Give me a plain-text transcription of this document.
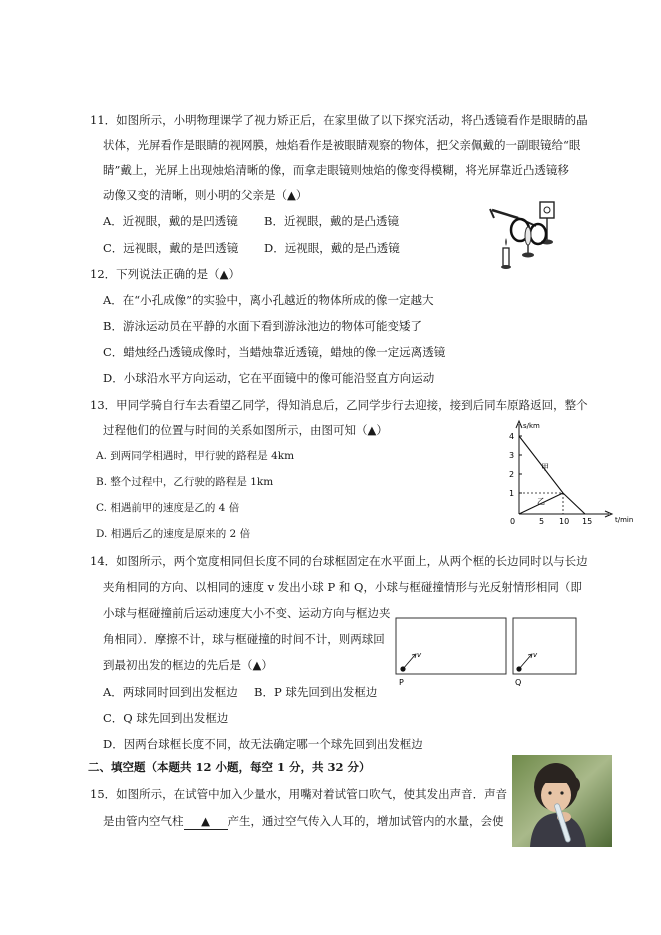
11．如图所示，小明物理课学了视力矫正后，在家里做了以下探究活动，将凸透镜看作是眼睛的晶
状体，光屏看作是眼睛的视网膜，烛焰看作是被眼睛观察的物体，把父亲佩戴的一副眼镜给“眼
睛”戴上，光屏上出现烛焰清晰的像，而拿走眼镜则烛焰的像变得模糊，将光屏靠近凸透镜移
动像又变的清晰，则小明的父亲是（▲）
A．近视眼，戴的是凹透镜 B．近视眼，戴的是凸透镜
C．远视眼，戴的是凹透镜 D．远视眼，戴的是凸透镜
12．下列说法正确的是（▲）
A．在“小孔成像”的实验中，离小孔越近的物体所成的像一定越大
B．游泳运动员在平静的水面下看到游泳池边的物体可能变矮了
C．蜡烛经凸透镜成像时，当蜡烛靠近透镜，蜡烛的像一定远离透镜
D．小球沿水平方向运动，它在平面镜中的像可能沿竖直方向运动
13．甲同学骑自行车去看望乙同学，得知消息后，乙同学步行去迎接，接到后同车原路返回，整个
过程他们的位置与时间的关系如图所示，由图可知（▲）
A. 到两同学相遇时，甲行驶的路程是 4km
B. 整个过程中，乙行驶的路程是 1km
C. 相遇前甲的速度是乙的 4 倍
D. 相遇后乙的速度是原来的 2 倍
s/km
t/min
4
3
2
1
0	5 10 15
甲
乙
14．如图所示，两个宽度相同但长度不同的台球框固定在水平面上，从两个框的长边同时以与长边
夹角相同的方向、以相同的速度 v 发出小球 P 和 Q，小球与框碰撞情形与光反射情形相同（即
小球与框碰撞前后运动速度大小不变、运动方向与框边夹
角相同）．摩擦不计，球与框碰撞的时间不计，则两球回
到最初出发的框边的先后是（▲）
A．两球同时回到出发框边 B．P 球先回到出发框边
C．Q 球先回到出发框边
D．因两台球框长度不同，故无法确定哪一个球先回到出发框边
v	v
P	Q
二、填空题（本题共 12 小题，每空 1 分，共 32 分）
15．如图所示，在试管中加入少量水，用嘴对着试管口吹气，使其发出声音．声音
是由管内空气柱 ▲ 产生，通过空气传入人耳的，增加试管内的水量，会使
